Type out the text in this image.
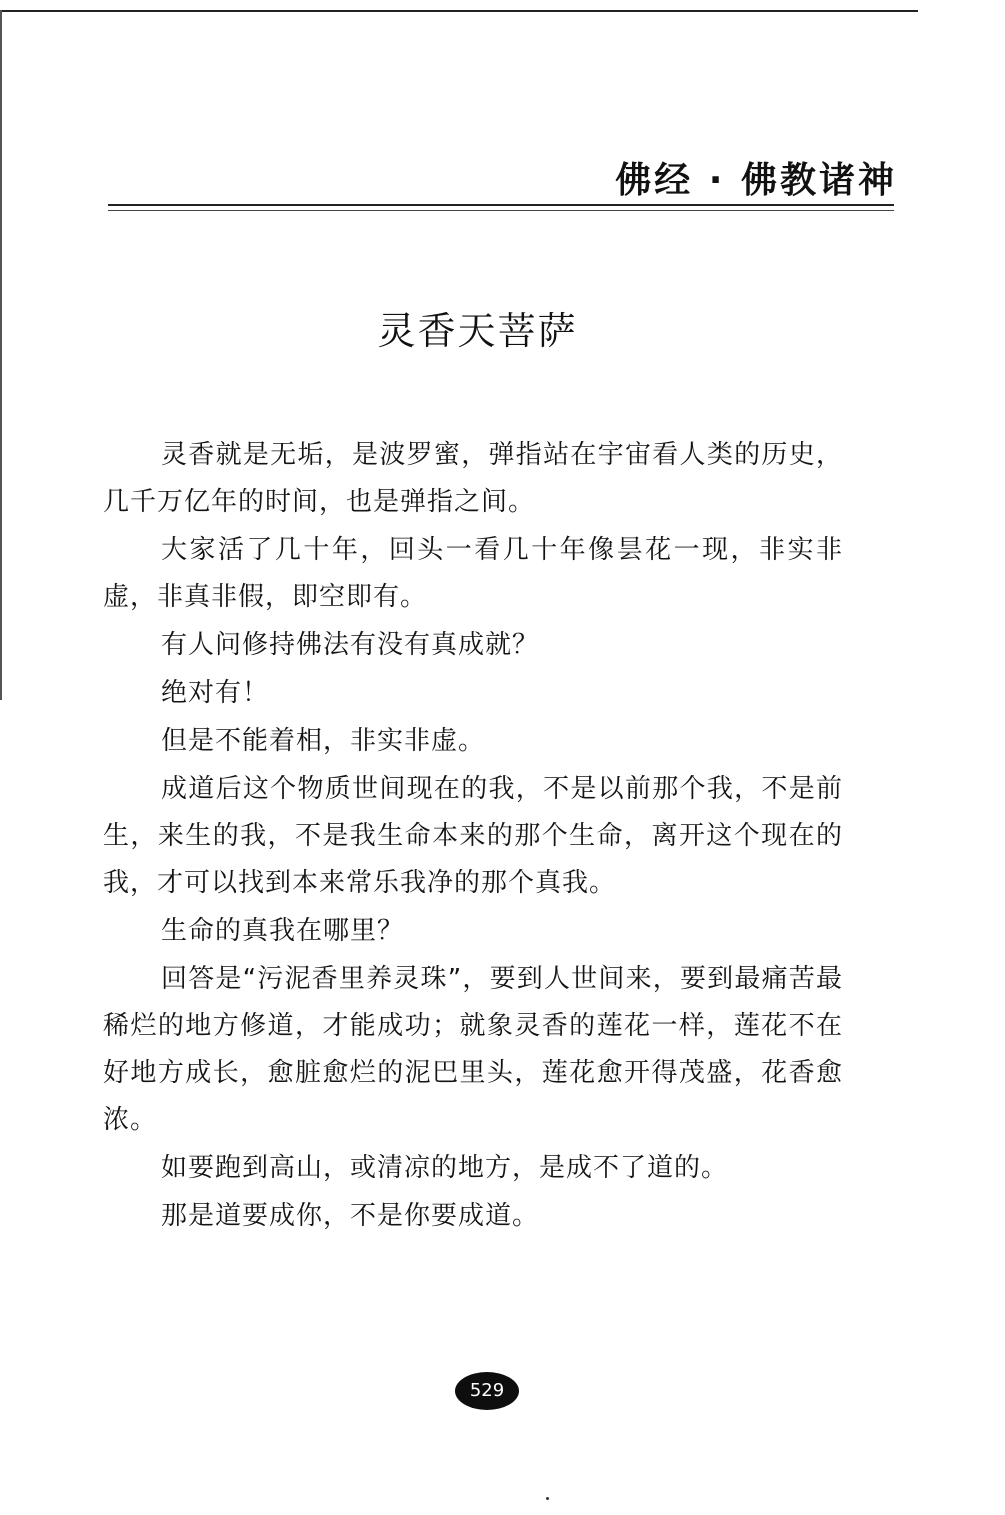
佛经 · 佛教诸神
灵香天菩萨

灵香就是无垢，是波罗蜜，弹指站在宇宙看人类的历史，几千万亿年的时间，也是弹指之间。

大家活了几十年，回头一看几十年像昙花一现，非实非虚，非真非假，即空即有。

有人问修持佛法有没有真成就？

绝对有！

但是不能着相，非实非虚。

成道后这个物质世间现在的我，不是以前那个我，不是前生，来生的我，不是我生命本来的那个生命，离开这个现在的我，才可以找到本来常乐我净的那个真我。

生命的真我在哪里？

回答是“污泥香里养灵珠”，要到人世间来，要到最痛苦最稀烂的地方修道，才能成功；就象灵香的莲花一样，莲花不在好地方成长，愈脏愈烂的泥巴里头，莲花愈开得茂盛，花香愈浓。

如要跑到高山，或清凉的地方，是成不了道的。

那是道要成你，不是你要成道。

529
